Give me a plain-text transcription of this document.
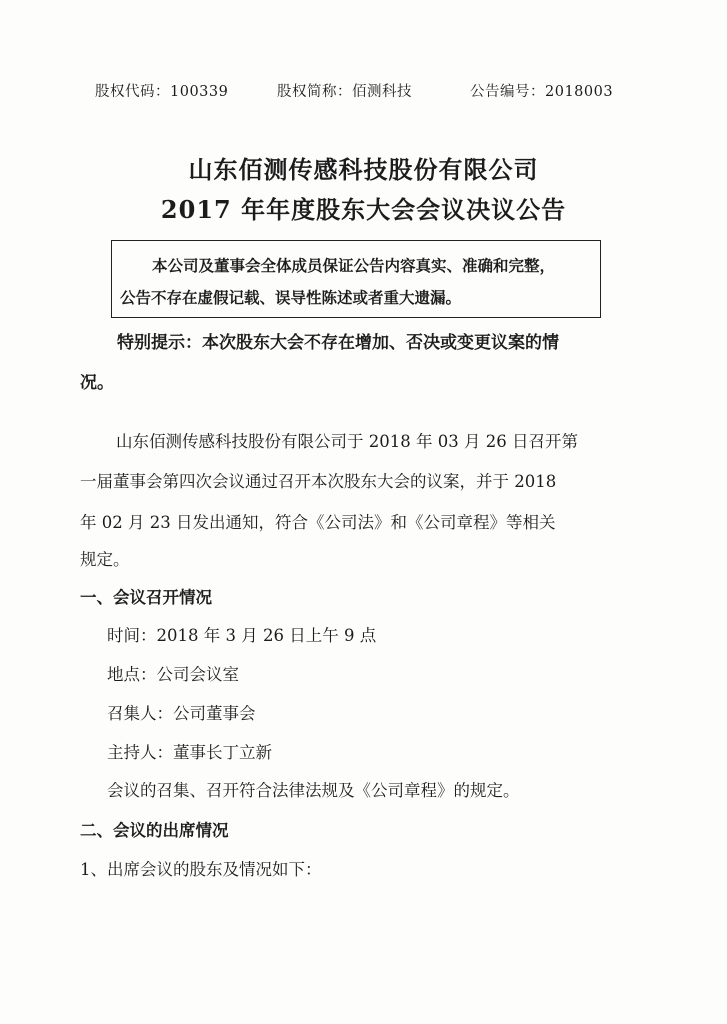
股权代码：100339	股权简称：佰测科技	公告编号：2018003
山东佰测传感科技股份有限公司
2017 年年度股东大会会议决议公告
本公司及董事会全体成员保证公告内容真实、准确和完整，
公告不存在虚假记载、误导性陈述或者重大遗漏。
特别提示：本次股东大会不存在增加、否决或变更议案的情
况。
山东佰测传感科技股份有限公司于 2018 年 03 月 26 日召开第
一届董事会第四次会议通过召开本次股东大会的议案，并于 2018
年 02 月 23 日发出通知，符合《公司法》和《公司章程》等相关
规定。
一、会议召开情况
时间：2018 年 3 月 26 日上午 9 点
地点：公司会议室
召集人：公司董事会
主持人：董事长丁立新
会议的召集、召开符合法律法规及《公司章程》的规定。
二、会议的出席情况
1、出席会议的股东及情况如下：
